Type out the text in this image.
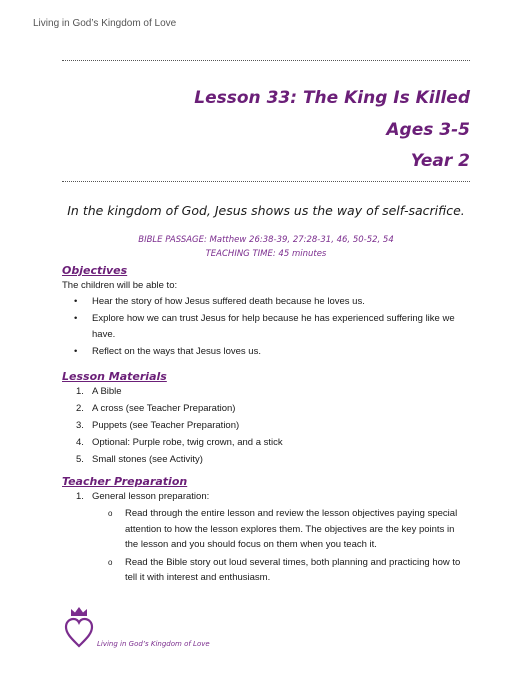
Living in God’s Kingdom of Love
Lesson 33: The King Is Killed
Ages 3-5
Year 2
In the kingdom of God, Jesus shows us the way of self-sacrifice.
BIBLE PASSAGE: Matthew 26:38-39, 27:28-31, 46, 50-52, 54
TEACHING TIME: 45 minutes
Objectives

The children will be able to:

• Hear the story of how Jesus suffered death because he loves us.
• Explore how we can trust Jesus for help because he has experienced suffering like we have.
• Reflect on the ways that Jesus loves us.
Lesson Materials
1. A Bible
2. A cross (see Teacher Preparation)
3. Puppets (see Teacher Preparation)
4. Optional: Purple robe, twig crown, and a stick
5. Small stones (see Activity)
Teacher Preparation
1. General lesson preparation:
o Read through the entire lesson and review the lesson objectives paying special attention to how the lesson explores them. The objectives are the key points in the lesson and you should focus on them when you teach it.
o Read the Bible story out loud several times, both planning and practicing how to tell it with interest and enthusiasm.
Living in God’s Kingdom of Love
